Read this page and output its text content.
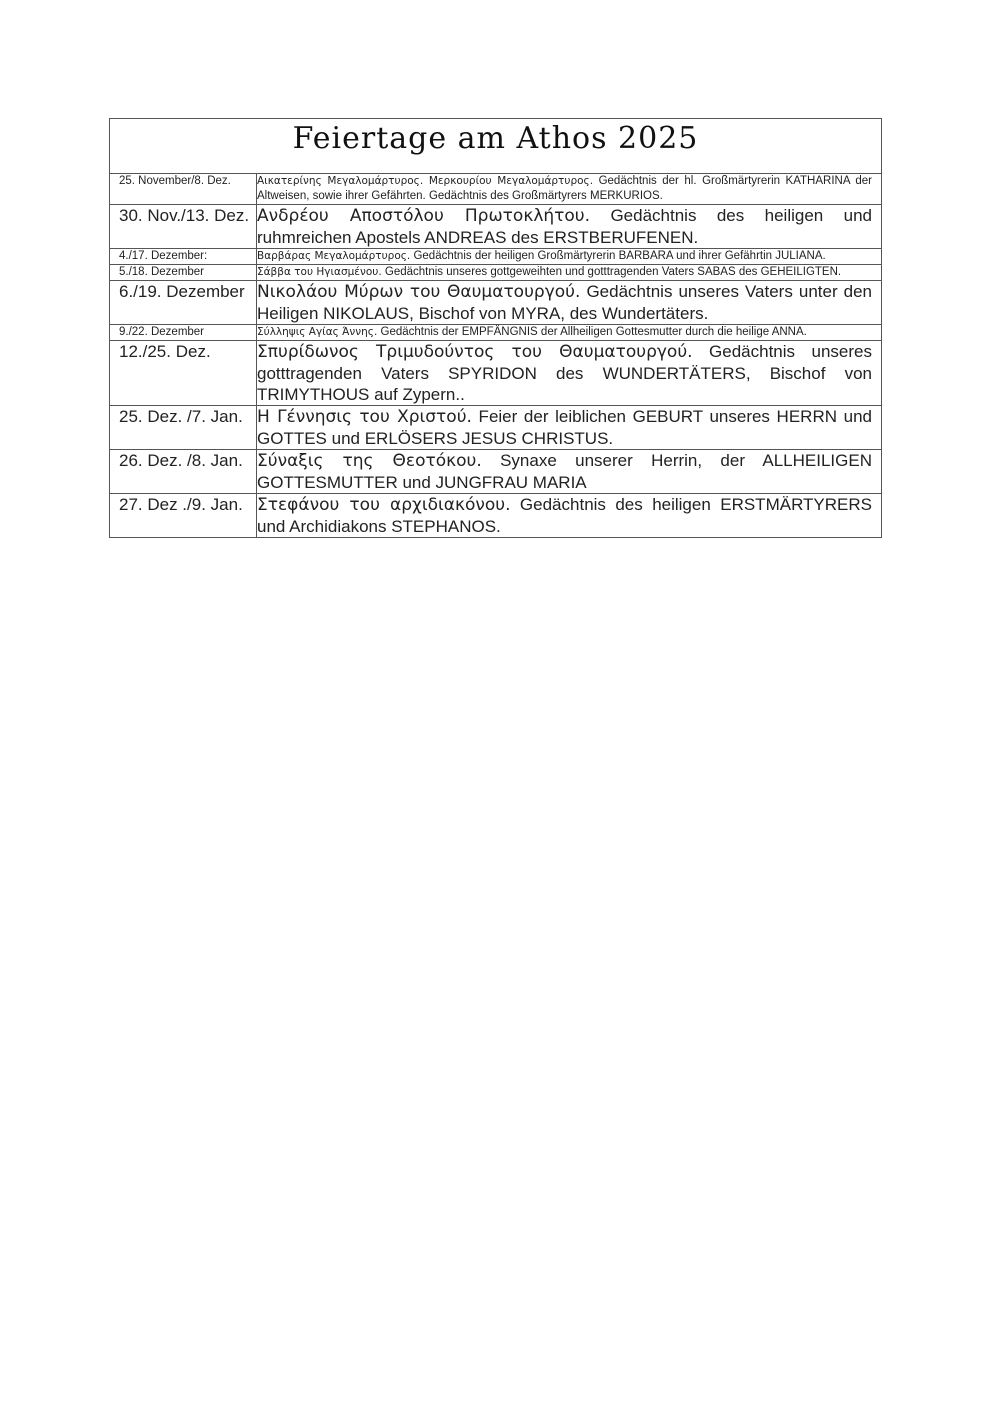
Feiertage am Athos 2025	

25. November/8. Dez.	Αικατερίνης Μεγαλομάρτυρος. Μερκουρίου Μεγαλομάρτυρος. Gedächtnis der hl. Großmärtyrerin KATHARINA der Altweisen, sowie ihrer Gefährten. Gedächtnis des Großmärtyrers MERKURIOS.
30. Nov./13. Dez.	Ανδρέου Αποστόλου Πρωτοκλήτου. Gedächtnis des heiligen und ruhmreichen Apostels ANDREAS des ERSTBERUFENEN.
4./17. Dezember:	Βαρβάρας Μεγαλομάρτυρος. Gedächtnis der heiligen Großmärtyrerin BARBARA und ihrer Gefährtin JULIANA.
5./18. Dezember	Σάββα του Ηγιασμένου. Gedächtnis unseres gottgeweihten und gotttragenden Vaters SABAS des GEHEILIGTEN.
6./19. Dezember	Νικολάου Μύρων του Θαυματουργού. Gedächtnis unseres Vaters unter den Heiligen NIKOLAUS, Bischof von MYRA, des Wundertäters.
9./22. Dezember	Σύλληψις Αγίας Άννης. Gedächtnis der EMPFÄNGNIS der Allheiligen Gottesmutter durch die heilige ANNA.
12./25. Dez.	Σπυρίδωνος Τριμυδούντος του Θαυματουργού. Gedächtnis unseres gotttragenden Vaters SPYRIDON des WUNDERTÄTERS, Bischof von TRIMYTHOUS auf Zypern..
25. Dez. /7. Jan.	Η Γέννησις του Χριστού. Feier der leiblichen GEBURT unseres HERRN und GOTTES und ERLÖSERS JESUS CHRISTUS.
26. Dez. /8. Jan.	Σύναξις της Θεοτόκου. Synaxe unserer Herrin, der ALLHEILIGEN GOTTESMUTTER und JUNGFRAU MARIA
27. Dez ./9. Jan.	Στεφάνου του αρχιδιακόνου. Gedächtnis des heiligen ERSTMÄRTYRERS und Archidiakons STEPHANOS.
